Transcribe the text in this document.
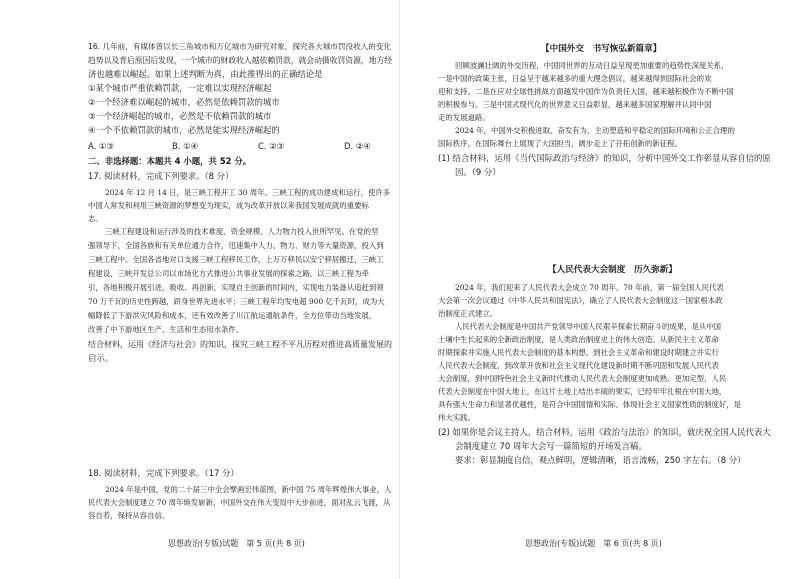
16. 几年前，有媒体曾以长三角城市和万亿城市为研究对象，探究各大城市罚没收入的变化
趋势以及背后原因后发现，一个城市的财政收入越依赖罚款，就会动摄收罚资源，地方经
济也越难以崛起。如果上述判断为真，由此推得出的正确结论是
①某个城市严重依赖罚款，一定难以实现经济崛起
②一个经济难以崛起的城市，必然是依赖罚款的城市
③一个经济崛起的城市，必然是不依赖罚款的城市
④一个不依赖罚款的城市，必然是能实现经济崛起的
A. ①③	B. ①④	C. ②③	D. ②④
二、非选择题：本题共 4 小题，共 52 分。
17. 阅读材料，完成下列要求。（8 分）
2024 年 12 月 14 日，是三峡工程开工 30 周年。三峡工程的成功建成和运行，使许多
中国人常发和利用三峡资源的梦想变为现实，成为改革开放以来我国发展成就的重要标
志。
三峡工程建设和运行涉及的技术难度、资金规模、人力物力投入世所罕见。在党的坚
强领导下，全国各族和有关单位通力合作，迅速集中人力、物力、财力等大量资源，投入到
三峡工程中。全国各省地对口支援三峡工程移民工作，上万万移民以安宁移居搬迁，三峡工
程建设，三峡开发总公司以市场化方式推进公共事业发展的探索之路，以三峡工程为牵
引，各地积极开展引进、吸收、再创新，实现自主创新的时间内，实现电力装备从追赶到领
70 万千瓦的历史性跨越，跻身世界先进水平；三峡工程年均发电超 900 亿千瓦时，成为大
幅降低了下游洪灾风险和成本，还有效改善了川江航运通航条件，全方位带动当地发展，
改善了中下游地区生产、生活和生态用水条件。
结合材料，运用《经济与社会》的知识，探究三峡工程不平凡历程对推进高质量发展的
启示。
18. 阅读材料，完成下列要求。（17 分）
2024 年是中国，党的二十届三中全会擘画宏伟蓝图，新中国 75 周年辉煌伟大事业，人
民代表大会制度建立 70 周年焕发崭新，中国外交在伟大变局中大步前进，面对乱云飞渡，从
容自若，保持从容自信。
思想政治(专版)试题　第 5 页(共 8 页)
【中国外交　书写恢弘新篇章】
回顾波澜壮阔的外交历程，中国同世界的互动日益呈现更加重要的趋势性深度关系，
一是中国的政策主张，日益呈于越来越多的重大理念倡议，越来越得到国际社会的欢
迎和支持。二是在应对全球性挑战方面越发中国作为负责任大国，越来越积极作为不断中国
的积极参与。三是中国式现代化的世界意义日益彰显，越来越多国家理解并认同中国
走的发展道路。
2024 年，中国外交积极进取、奋发有为，主动塑造和平稳定的国际环境和公正合理的
国际秩序，在国际舞台上展现了大国担当，阔步走上了开拓创新的新征程。
(1) 结合材料，运用《当代国际政治与经济》的知识，分析中国外交工作彰显从容自信的原
因。（9 分）
【人民代表大会制度　历久弥新】
2024 年，我们迎来了人民代表大会成立 70 周年。70 年前，第一届全国人民代表
大会第一次会议通过《中华人民共和国宪法》，确立了人民代表大会制度这一国家根本政
治制度正式建立。
人民代表大会制度是中国共产党领导中国人民艰辛探索长期奋斗的成果，是从中国
土壤中生长起来的全新政治制度，是人类政治制度史上的伟大创造。从新民主主义革命
时期探索并实施人民代表大会制度的基本构想，到社会主义革命和建设时期建立并实行
人民代表大会制度，到改革开放和社会主义现代化建设新时期不断巩固和发展人民代表
大会制度，到中国特色社会主义新时代推动人民代表大会制度更加成熟、更加定型，人民
代表大会制度在中国大地上，在这片土地上结出丰硕的果实，已经牢牢扎根在中国大地，
具有强大生命力和显著优越性，是符合中国国情和实际、体现社会主义国家性质的制度好，是
伟大实践。
(2) 如果你是会议主持人，结合材料，运用《政治与法治》的知识，就庆祝全国人民代表大
会制度建立 70 周年大会写一篇简短的开场发言稿。
要求：彰显制度自信，观点鲜明，逻辑清晰，语言流畅，250 字左右。（8 分）
思想政治(专版)试题　第 6 页(共 8 页)
